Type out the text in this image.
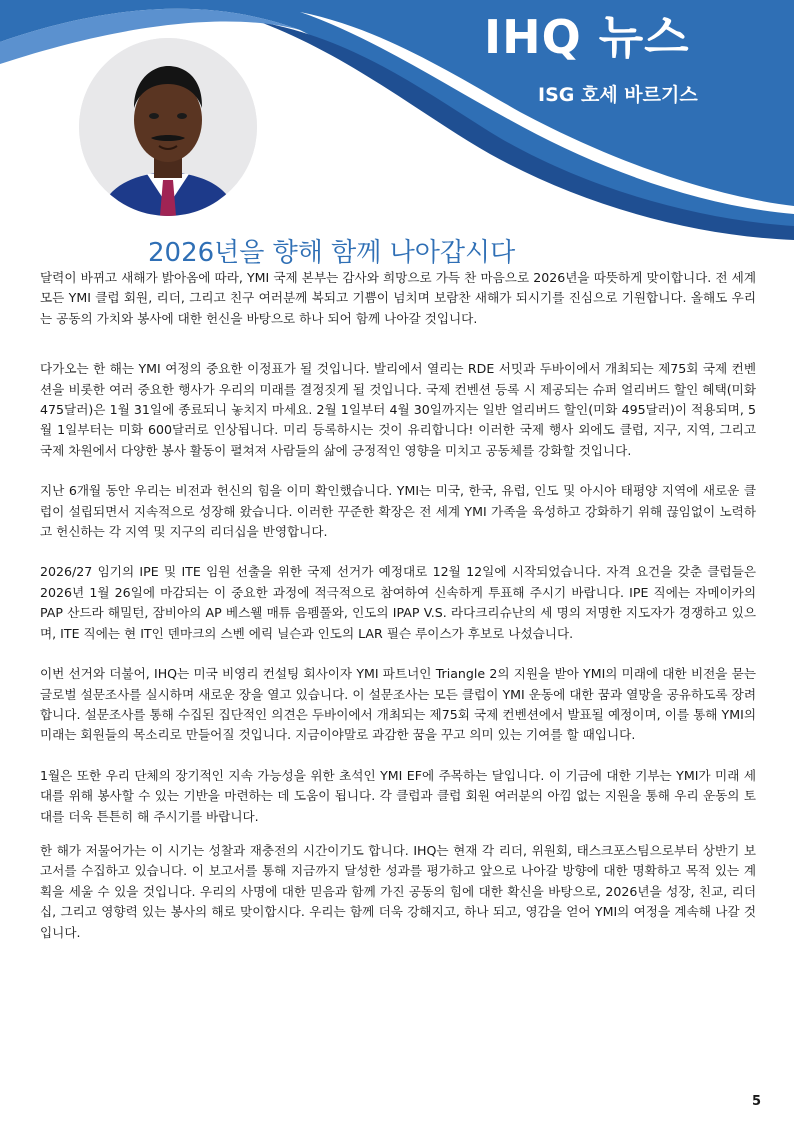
IHQ 뉴스
ISG 호세 바르기스
2026년을 향해 함께 나아갑시다

달력이 바뀌고 새해가 밝아옴에 따라, YMI 국제 본부는 감사와 희망으로 가득 찬 마음으로 2026년을 따뜻하게 맞이합니다. 전 세계 모든 YMI 클럽 회원, 리더, 그리고 친구 여러분께 복되고 기쁨이 넘치며 보람찬 새해가 되시기를 진심으로 기원합니다. 올해도 우리는 공동의 가치와 봉사에 대한 헌신을 바탕으로 하나 되어 함께 나아갈 것입니다.

다가오는 한 해는 YMI 여정의 중요한 이정표가 될 것입니다. 발리에서 열리는 RDE 서밋과 두바이에서 개최되는 제75회 국제 컨벤션을 비롯한 여러 중요한 행사가 우리의 미래를 결정짓게 될 것입니다. 국제 컨벤션 등록 시 제공되는 슈퍼 얼리버드 할인 혜택(미화 475달러)은 1월 31일에 종료되니 놓치지 마세요. 2월 1일부터 4월 30일까지는 일반 얼리버드 할인(미화 495달러)이 적용되며, 5월 1일부터는 미화 600달러로 인상됩니다. 미리 등록하시는 것이 유리합니다! 이러한 국제 행사 외에도 클럽, 지구, 지역, 그리고 국제 차원에서 다양한 봉사 활동이 펼쳐져 사람들의 삶에 긍정적인 영향을 미치고 공동체를 강화할 것입니다.

지난 6개월 동안 우리는 비전과 헌신의 힘을 이미 확인했습니다. YMI는 미국, 한국, 유럽, 인도 및 아시아 태평양 지역에 새로운 클럽이 설립되면서 지속적으로 성장해 왔습니다. 이러한 꾸준한 확장은 전 세계 YMI 가족을 육성하고 강화하기 위해 끊임없이 노력하고 헌신하는 각 지역 및 지구의 리더십을 반영합니다.

2026/27 임기의 IPE 및 ITE 임원 선출을 위한 국제 선거가 예정대로 12월 12일에 시작되었습니다. 자격 요건을 갖춘 클럽들은 2026년 1월 26일에 마감되는 이 중요한 과정에 적극적으로 참여하여 신속하게 투표해 주시기 바랍니다. IPE 직에는 자메이카의 PAP 산드라 해밀턴, 잠비아의 AP 베스웰 매튜 음펨풀와, 인도의 IPAP V.S. 라다크리슈난의 세 명의 저명한 지도자가 경쟁하고 있으며, ITE 직에는 현 IT인 덴마크의 스벤 에릭 닐슨과 인도의 LAR 필슨 루이스가 후보로 나섰습니다.

이번 선거와 더불어, IHQ는 미국 비영리 컨설팅 회사이자 YMI 파트너인 Triangle 2의 지원을 받아 YMI의 미래에 대한 비전을 묻는 글로벌 설문조사를 실시하며 새로운 장을 열고 있습니다. 이 설문조사는 모든 클럽이 YMI 운동에 대한 꿈과 열망을 공유하도록 장려합니다. 설문조사를 통해 수집된 집단적인 의견은 두바이에서 개최되는 제75회 국제 컨벤션에서 발표될 예정이며, 이를 통해 YMI의 미래는 회원들의 목소리로 만들어질 것입니다. 지금이야말로 과감한 꿈을 꾸고 의미 있는 기여를 할 때입니다.

1월은 또한 우리 단체의 장기적인 지속 가능성을 위한 초석인 YMI EF에 주목하는 달입니다. 이 기금에 대한 기부는 YMI가 미래 세대를 위해 봉사할 수 있는 기반을 마련하는 데 도움이 됩니다. 각 클럽과 클럽 회원 여러분의 아낌 없는 지원을 통해 우리 운동의 토대를 더욱 튼튼히 해 주시기를 바랍니다.

한 해가 저물어가는 이 시기는 성찰과 재충전의 시간이기도 합니다. IHQ는 현재 각 리더, 위원회, 태스크포스팀으로부터 상반기 보고서를 수집하고 있습니다. 이 보고서를 통해 지금까지 달성한 성과를 평가하고 앞으로 나아갈 방향에 대한 명확하고 목적 있는 계획을 세울 수 있을 것입니다. 우리의 사명에 대한 믿음과 함께 가진 공동의 힘에 대한 확신을 바탕으로, 2026년을 성장, 친교, 리더십, 그리고 영향력 있는 봉사의 해로 맞이합시다. 우리는 함께 더욱 강해지고, 하나 되고, 영감을 얻어 YMI의 여정을 계속해 나갈 것입니다.

5
